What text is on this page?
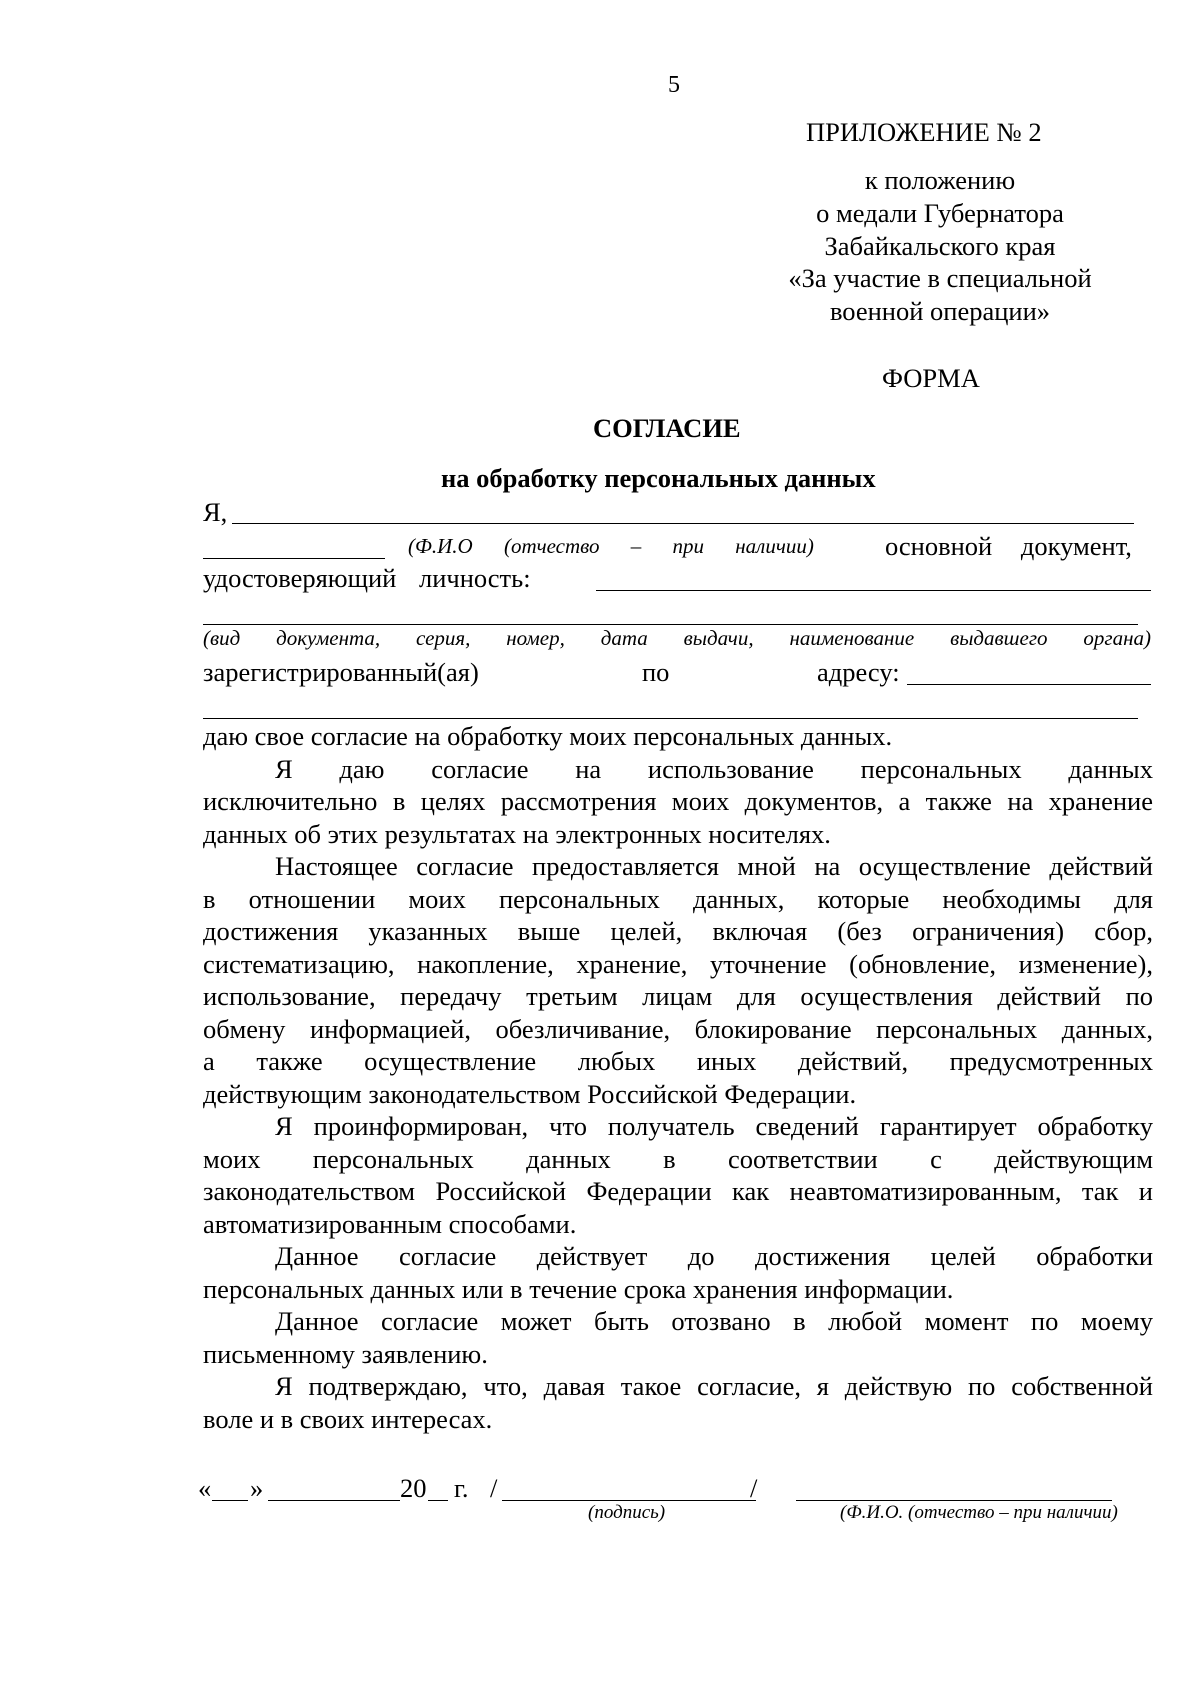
5
ПРИЛОЖЕНИЕ № 2
к положению
о медали Губернатора
Забайкальского края
«За участие в специальной
военной операции»
ФОРМА
СОГЛАСИЕ
на обработку персональных данных
Я,
(Ф.И.О (отчество – при наличии)	основной документ,
удостоверяющий личность:
(вид документа, серия, номер, дата выдачи, наименование выдавшего органа)
зарегистрированный(ая)	по	адресу:
даю свое согласие на обработку моих персональных данных.
Я даю согласие на использование персональных данных
исключительно в целях рассмотрения моих документов, а также на хранение
данных об этих результатах на электронных носителях.
Настоящее согласие предоставляется мной на осуществление действий
в отношении моих персональных данных, которые необходимы для
достижения указанных выше целей, включая (без ограничения) сбор,
систематизацию, накопление, хранение, уточнение (обновление, изменение),
использование, передачу третьим лицам для осуществления действий по
обмену информацией, обезличивание, блокирование персональных данных,
а также осуществление любых иных действий, предусмотренных
действующим законодательством Российской Федерации.
Я проинформирован, что получатель сведений гарантирует обработку
моих персональных данных в соответствии с действующим
законодательством Российской Федерации как неавтоматизированным, так и
автоматизированным способами.
Данное согласие действует до достижения целей обработки
персональных данных или в течение срока хранения информации.
Данное согласие может быть отозвано в любой момент по моему
письменному заявлению.
Я подтверждаю, что, давая такое согласие, я действую по собственной
воле и в своих интересах.
« »	20 г. /	/
(подпись)	(Ф.И.О. (отчество – при наличии)
